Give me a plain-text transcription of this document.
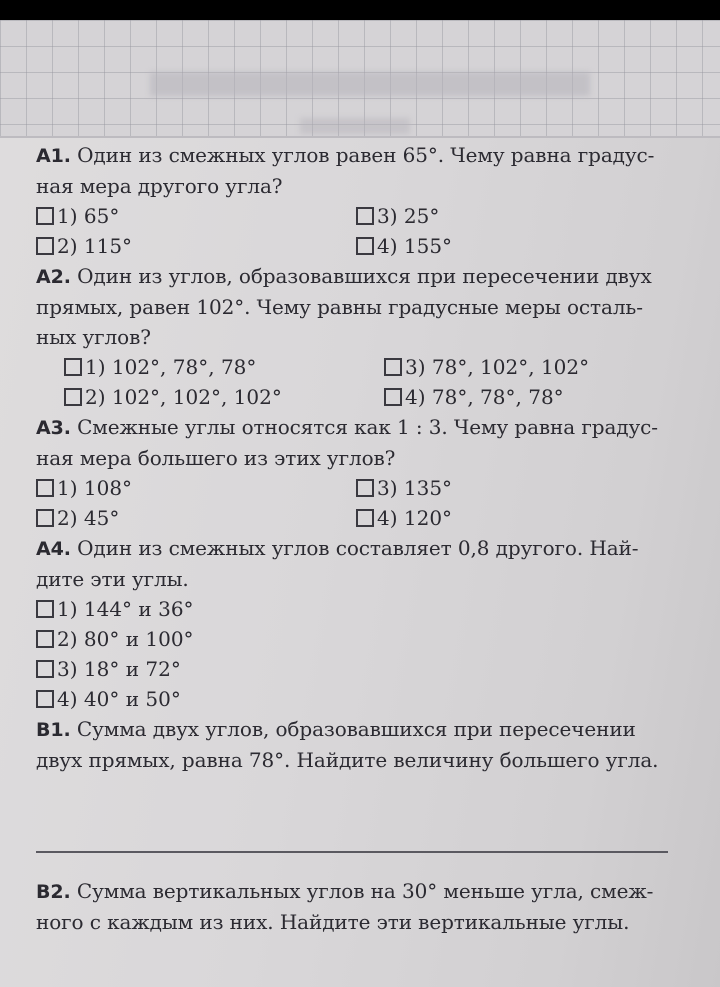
А1. Один из смежных углов равен 65°. Чему равна градус-

ная мера другого угла?

1) 65°
2) 115°
3) 25°
4) 155°

А2. Один из углов, образовавшихся при пересечении двух

прямых, равен 102°. Чему равны градусные меры осталь-

ных углов?

1) 102°, 78°, 78°
2) 102°, 102°, 102°
3) 78°, 102°, 102°
4) 78°, 78°, 78°

А3. Смежные углы относятся как 1 : 3. Чему равна градус-

ная мера большего из этих углов?

1) 108°
2) 45°
3) 135°
4) 120°

А4. Один из смежных углов составляет 0,8 другого. Най-

дите эти углы.

1) 144° и 36°
2) 80° и 100°
3) 18° и 72°
4) 40° и 50°

В1. Сумма двух углов, образовавшихся при пересечении

двух прямых, равна 78°. Найдите величину большего угла.

В2. Сумма вертикальных углов на 30° меньше угла, смеж-

ного с каждым из них. Найдите эти вертикальные углы.
